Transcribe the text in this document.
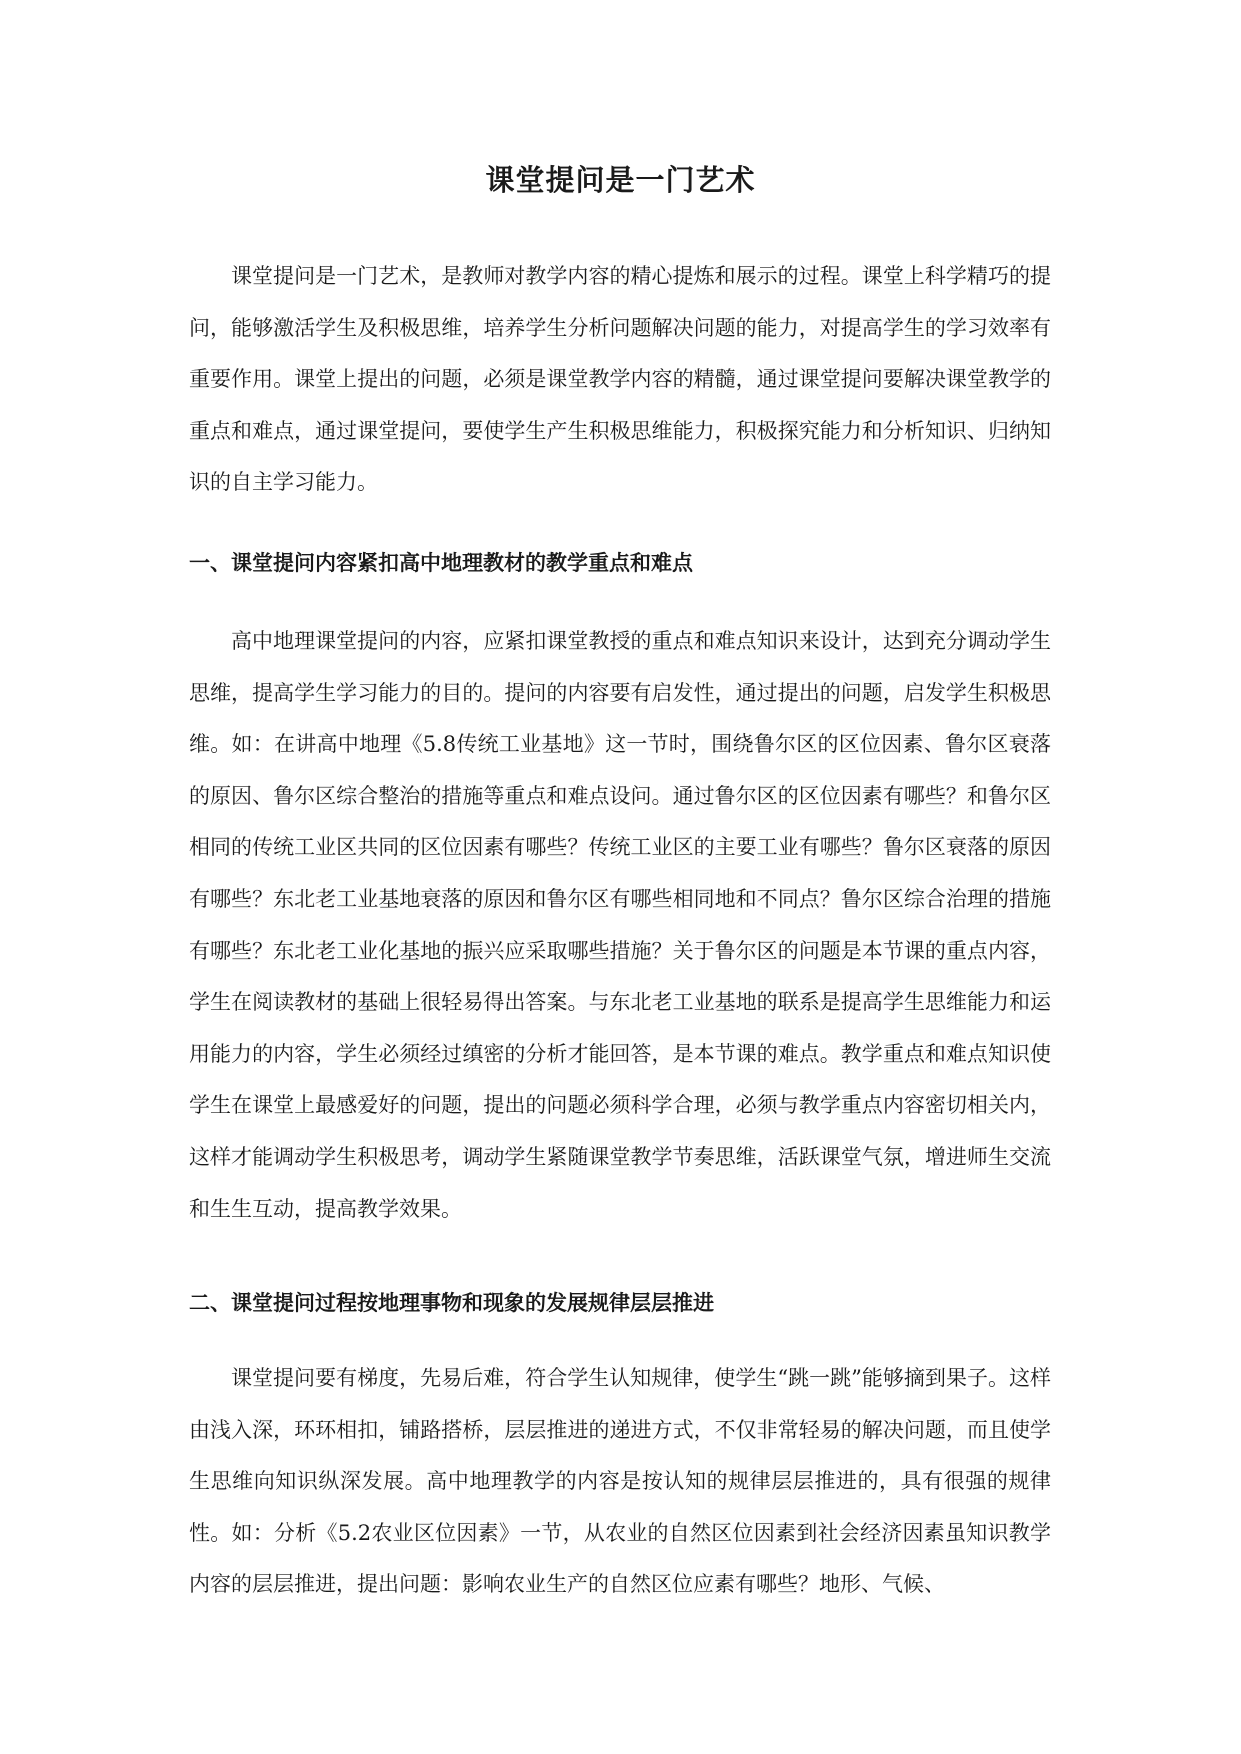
课堂提问是一门艺术

课堂提问是一门艺术，是教师对教学内容的精心提炼和展示的过程。课堂上科学精巧的提问，能够激活学生及积极思维，培养学生分析问题解决问题的能力，对提高学生的学习效率有重要作用。课堂上提出的问题，必须是课堂教学内容的精髓，通过课堂提问要解决课堂教学的重点和难点，通过课堂提问，要使学生产生积极思维能力，积极探究能力和分析知识、归纳知识的自主学习能力。

一、课堂提问内容紧扣高中地理教材的教学重点和难点

高中地理课堂提问的内容，应紧扣课堂教授的重点和难点知识来设计，达到充分调动学生思维，提高学生学习能力的目的。提问的内容要有启发性，通过提出的问题，启发学生积极思维。如：在讲高中地理《5.8传统工业基地》这一节时，围绕鲁尔区的区位因素、鲁尔区衰落的原因、鲁尔区综合整治的措施等重点和难点设问。通过鲁尔区的区位因素有哪些？和鲁尔区相同的传统工业区共同的区位因素有哪些？传统工业区的主要工业有哪些？鲁尔区衰落的原因有哪些？东北老工业基地衰落的原因和鲁尔区有哪些相同地和不同点？鲁尔区综合治理的措施有哪些？东北老工业化基地的振兴应采取哪些措施？关于鲁尔区的问题是本节课的重点内容，学生在阅读教材的基础上很轻易得出答案。与东北老工业基地的联系是提高学生思维能力和运用能力的内容，学生必须经过缜密的分析才能回答，是本节课的难点。教学重点和难点知识使学生在课堂上最感爱好的问题，提出的问题必须科学合理，必须与教学重点内容密切相关内，这样才能调动学生积极思考，调动学生紧随课堂教学节奏思维，活跃课堂气氛，增进师生交流和生生互动，提高教学效果。

二、课堂提问过程按地理事物和现象的发展规律层层推进

课堂提问要有梯度，先易后难，符合学生认知规律，使学生“跳一跳”能够摘到果子。这样由浅入深，环环相扣，铺路搭桥，层层推进的递进方式，不仅非常轻易的解决问题，而且使学生思维向知识纵深发展。高中地理教学的内容是按认知的规律层层推进的，具有很强的规律性。如：分析《5.2农业区位因素》一节，从农业的自然区位因素到社会经济因素虽知识教学内容的层层推进，提出问题：影响农业生产的自然区位应素有哪些？地形、气候、
